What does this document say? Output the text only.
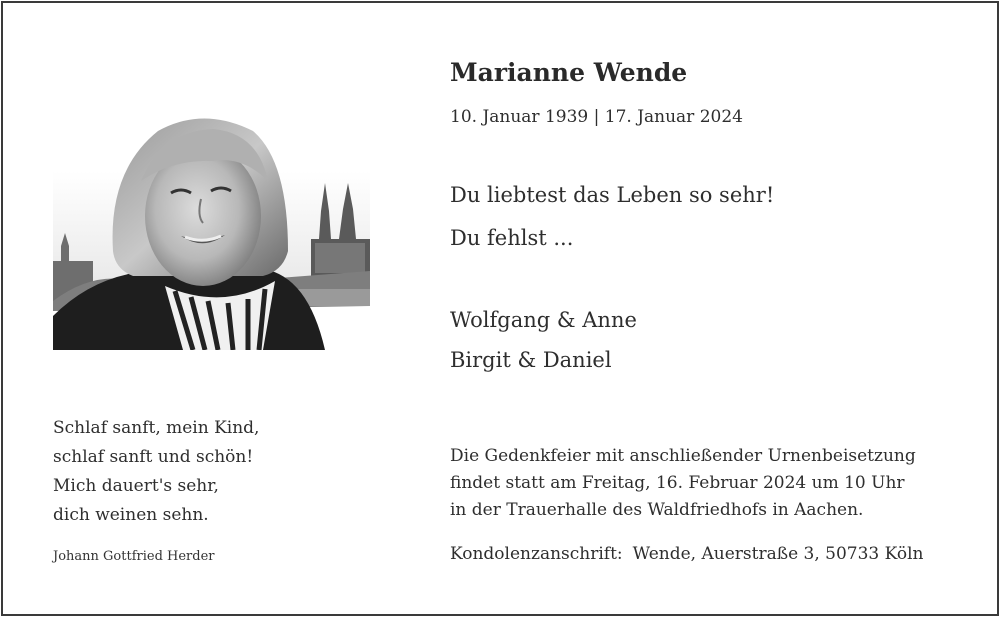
Marianne Wende
10. Januar 1939 | 17. Januar 2024
Du liebtest das Leben so sehr!
Du fehlst ...
Wolfgang & Anne
Birgit & Daniel
Die Gedenkfeier mit anschließender Urnenbeisetzung
findet statt am Freitag, 16. Februar 2024 um 10 Uhr
in der Trauerhalle des Waldfriedhofs in Aachen.
Kondolenzanschrift: Wende, Auerstraße 3, 50733 Köln
Schlaf sanft, mein Kind,
schlaf sanft und schön!
Mich dauert's sehr,
dich weinen sehn.
Johann Gottfried Herder
